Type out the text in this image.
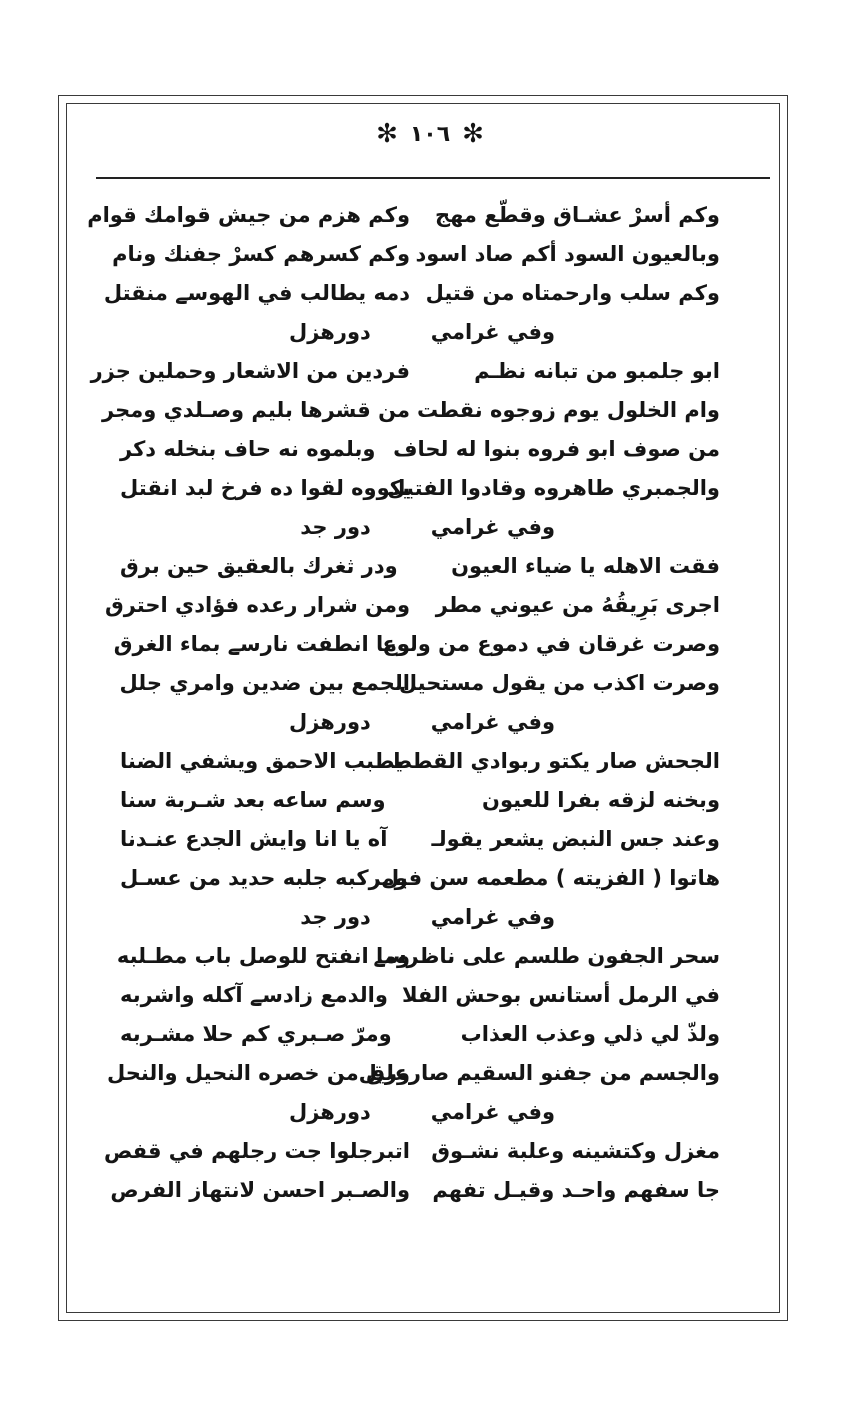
✻
١٠٦
✻
وكم أسرْ عشـاق وقطّع مهج
وكم هزم من جيش قوامك قوام
وبالعيون السود أكم صاد اسود
وكم كسرهم كسرْ جفنك ونام
وكم سلب وارحمتاه من قتيل
دمه يطالب في الهوسے منقتل
وفي غرامي
دورهزل
ابو جلمبو من تبانه نظـم
فردين من الاشعار وحملين جزر
وام الخلول يوم زوجوه نقطت
من قشرها بليم وصـلدي ومجر
من صوف ابو فروه بنوا له لحاف
وبلموه نه حاف بنخله دكر
والجمبري طاهروه وقادوا الفتيل
يكووه لقوا ده فرخ لبد انقتل
وفي غرامي
دور جد
فقت الاهله يا ضياء العيون
ودر ثغرك بالعقيق حين برق
اجرى بَرِيقُهُ من عيوني مطر
ومن شرار رعده فؤادي احترق
وصرت غرقان في دموع من ولوع
وما انطفت نارسے بماء الغرق
وصرت اكذب من يقول مستحيل
الجمع بين ضدين وامري جلل
وفي غرامي
دورهزل
الجحش صار يكتو ربوادي القطط
يطبب الاحمق ويشفي الضنا
وبخنه لزقه بفرا للعيون
وسم ساعه بعد شـربة سنا
وعند جس النبض يشعر يقولـ
آه يا انا وايش الجدع عنـدنا
هاتوا ( الفزيته ) مطعمه سن فيل
ومركبه جلبه حديد من عسـل
وفي غرامي
دور جد
سحر الجفون طلسم على ناظرسے
وما انفتح للوصل باب مطـلبه
في الرمل أستانس بوحش الفلا
والدمع زادسے آكله واشربه
ولذّ لي ذلي وعذب العذاب
ومرّ صـبري كم حلا مشـربه
والجسم من جفنو السقيم صارعليل
ورق من خصره النحيل والنحل
وفي غرامي
دورهزل
مغزل وكتشينه وعلبة نشـوق
اتبرجلوا جت رجلهم في قفص
جا سفهم واحـد وقيـل تفهم
والصـبر احسن لانتهاز الفرص
